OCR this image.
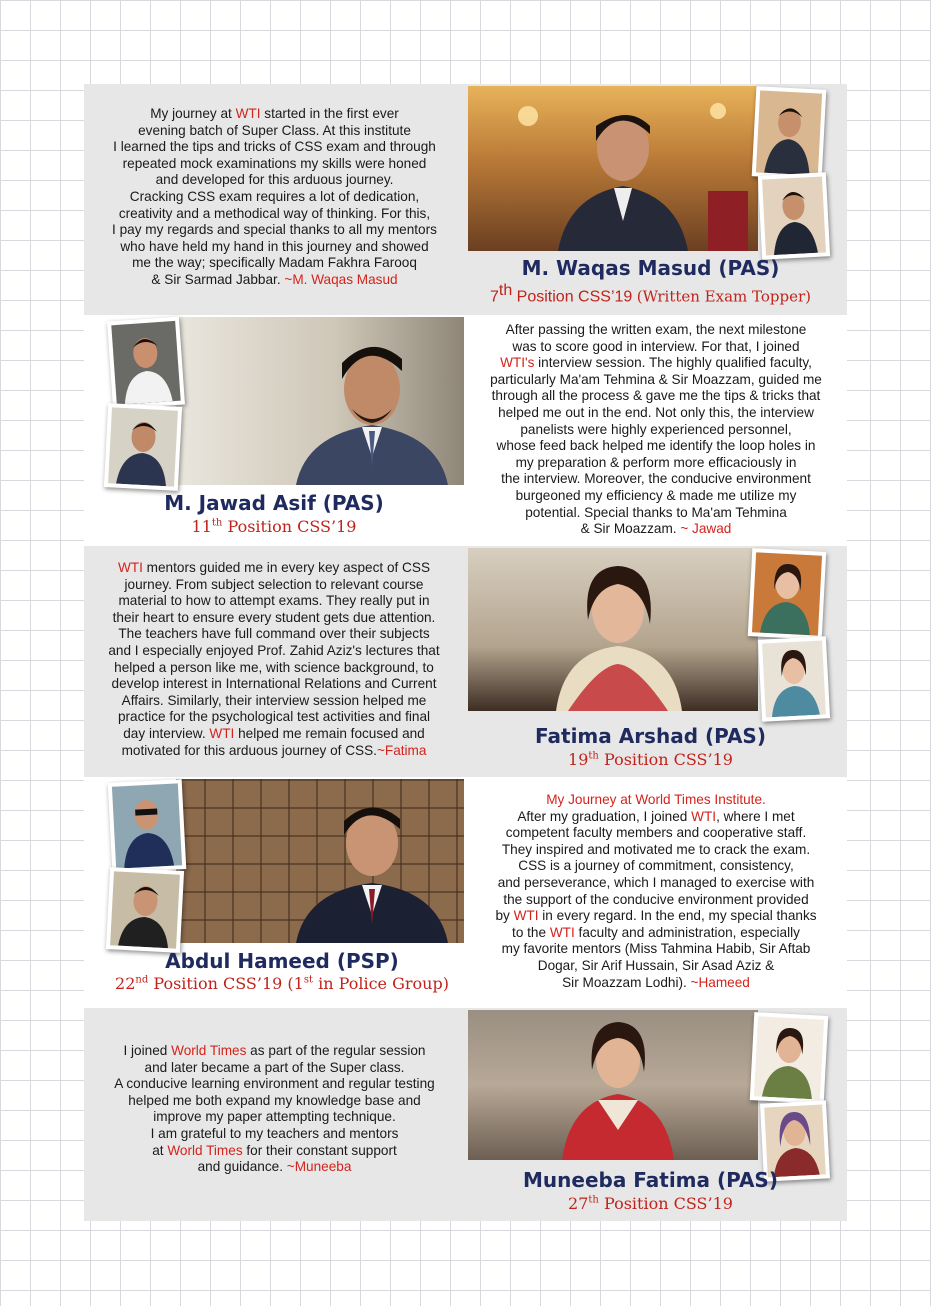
My journey at WTI started in the first ever
evening batch of Super Class. At this institute
I learned the tips and tricks of CSS exam and through
repeated mock examinations my skills were honed
and developed for this arduous journey.
Cracking CSS exam requires a lot of dedication,
creativity and a methodical way of thinking. For this,
I pay my regards and special thanks to all my mentors
who have held my hand in this journey and showed
me the way; specifically Madam Fakhra Farooq
& Sir Sarmad Jabbar. ~M. Waqas Masud	M. Waqas Masud (PAS)

7th Position CSS’19 (Written Exam Topper)

M. Jawad Asif (PAS)

11th Position CSS’19

After passing the written exam, the next milestone
was to score good in interview. For that, I joined
WTI's interview session. The highly qualified faculty,
particularly Ma'am Tehmina & Sir Moazzam, guided me
through all the process & gave me the tips & tricks that
helped me out in the end. Not only this, the interview
panelists were highly experienced personnel,
whose feed back helped me identify the loop holes in
my preparation & perform more efficaciously in
the interview. Moreover, the conducive environment
burgeoned my efficiency & made me utilize my
potential. Special thanks to Ma'am Tehmina
& Sir Moazzam. ~ Jawad

WTI mentors guided me in every key aspect of CSS
journey. From subject selection to relevant course
material to how to attempt exams. They really put in
their heart to ensure every student gets due attention.
The teachers have full command over their subjects
and I especially enjoyed Prof. Zahid Aziz's lectures that
helped a person like me, with science background, to
develop interest in International Relations and Current
Affairs. Similarly, their interview session helped me
practice for the psychological test activities and final
day interview. WTI helped me remain focused and
motivated for this arduous journey of CSS.~Fatima

Fatima Arshad (PAS)

19th Position CSS’19

Abdul Hameed (PSP)

22nd Position CSS’19 (1st in Police Group)

My Journey at World Times Institute.
After my graduation, I joined WTI, where I met
competent faculty members and cooperative staff.
They inspired and motivated me to crack the exam.
CSS is a journey of commitment, consistency,
and perseverance, which I managed to exercise with
the support of the conducive environment provided
by WTI in every regard. In the end, my special thanks
to the WTI faculty and administration, especially
my favorite mentors (Miss Tahmina Habib, Sir Aftab
Dogar, Sir Arif Hussain, Sir Asad Aziz &
Sir Moazzam Lodhi). ~Hameed

I joined World Times as part of the regular session
and later became a part of the Super class.
A conducive learning environment and regular testing
helped me both expand my knowledge base and
improve my paper attempting technique.
I am grateful to my teachers and mentors
at World Times for their constant support
and guidance. ~Muneeba

Muneeba Fatima (PAS)

27th Position CSS’19
